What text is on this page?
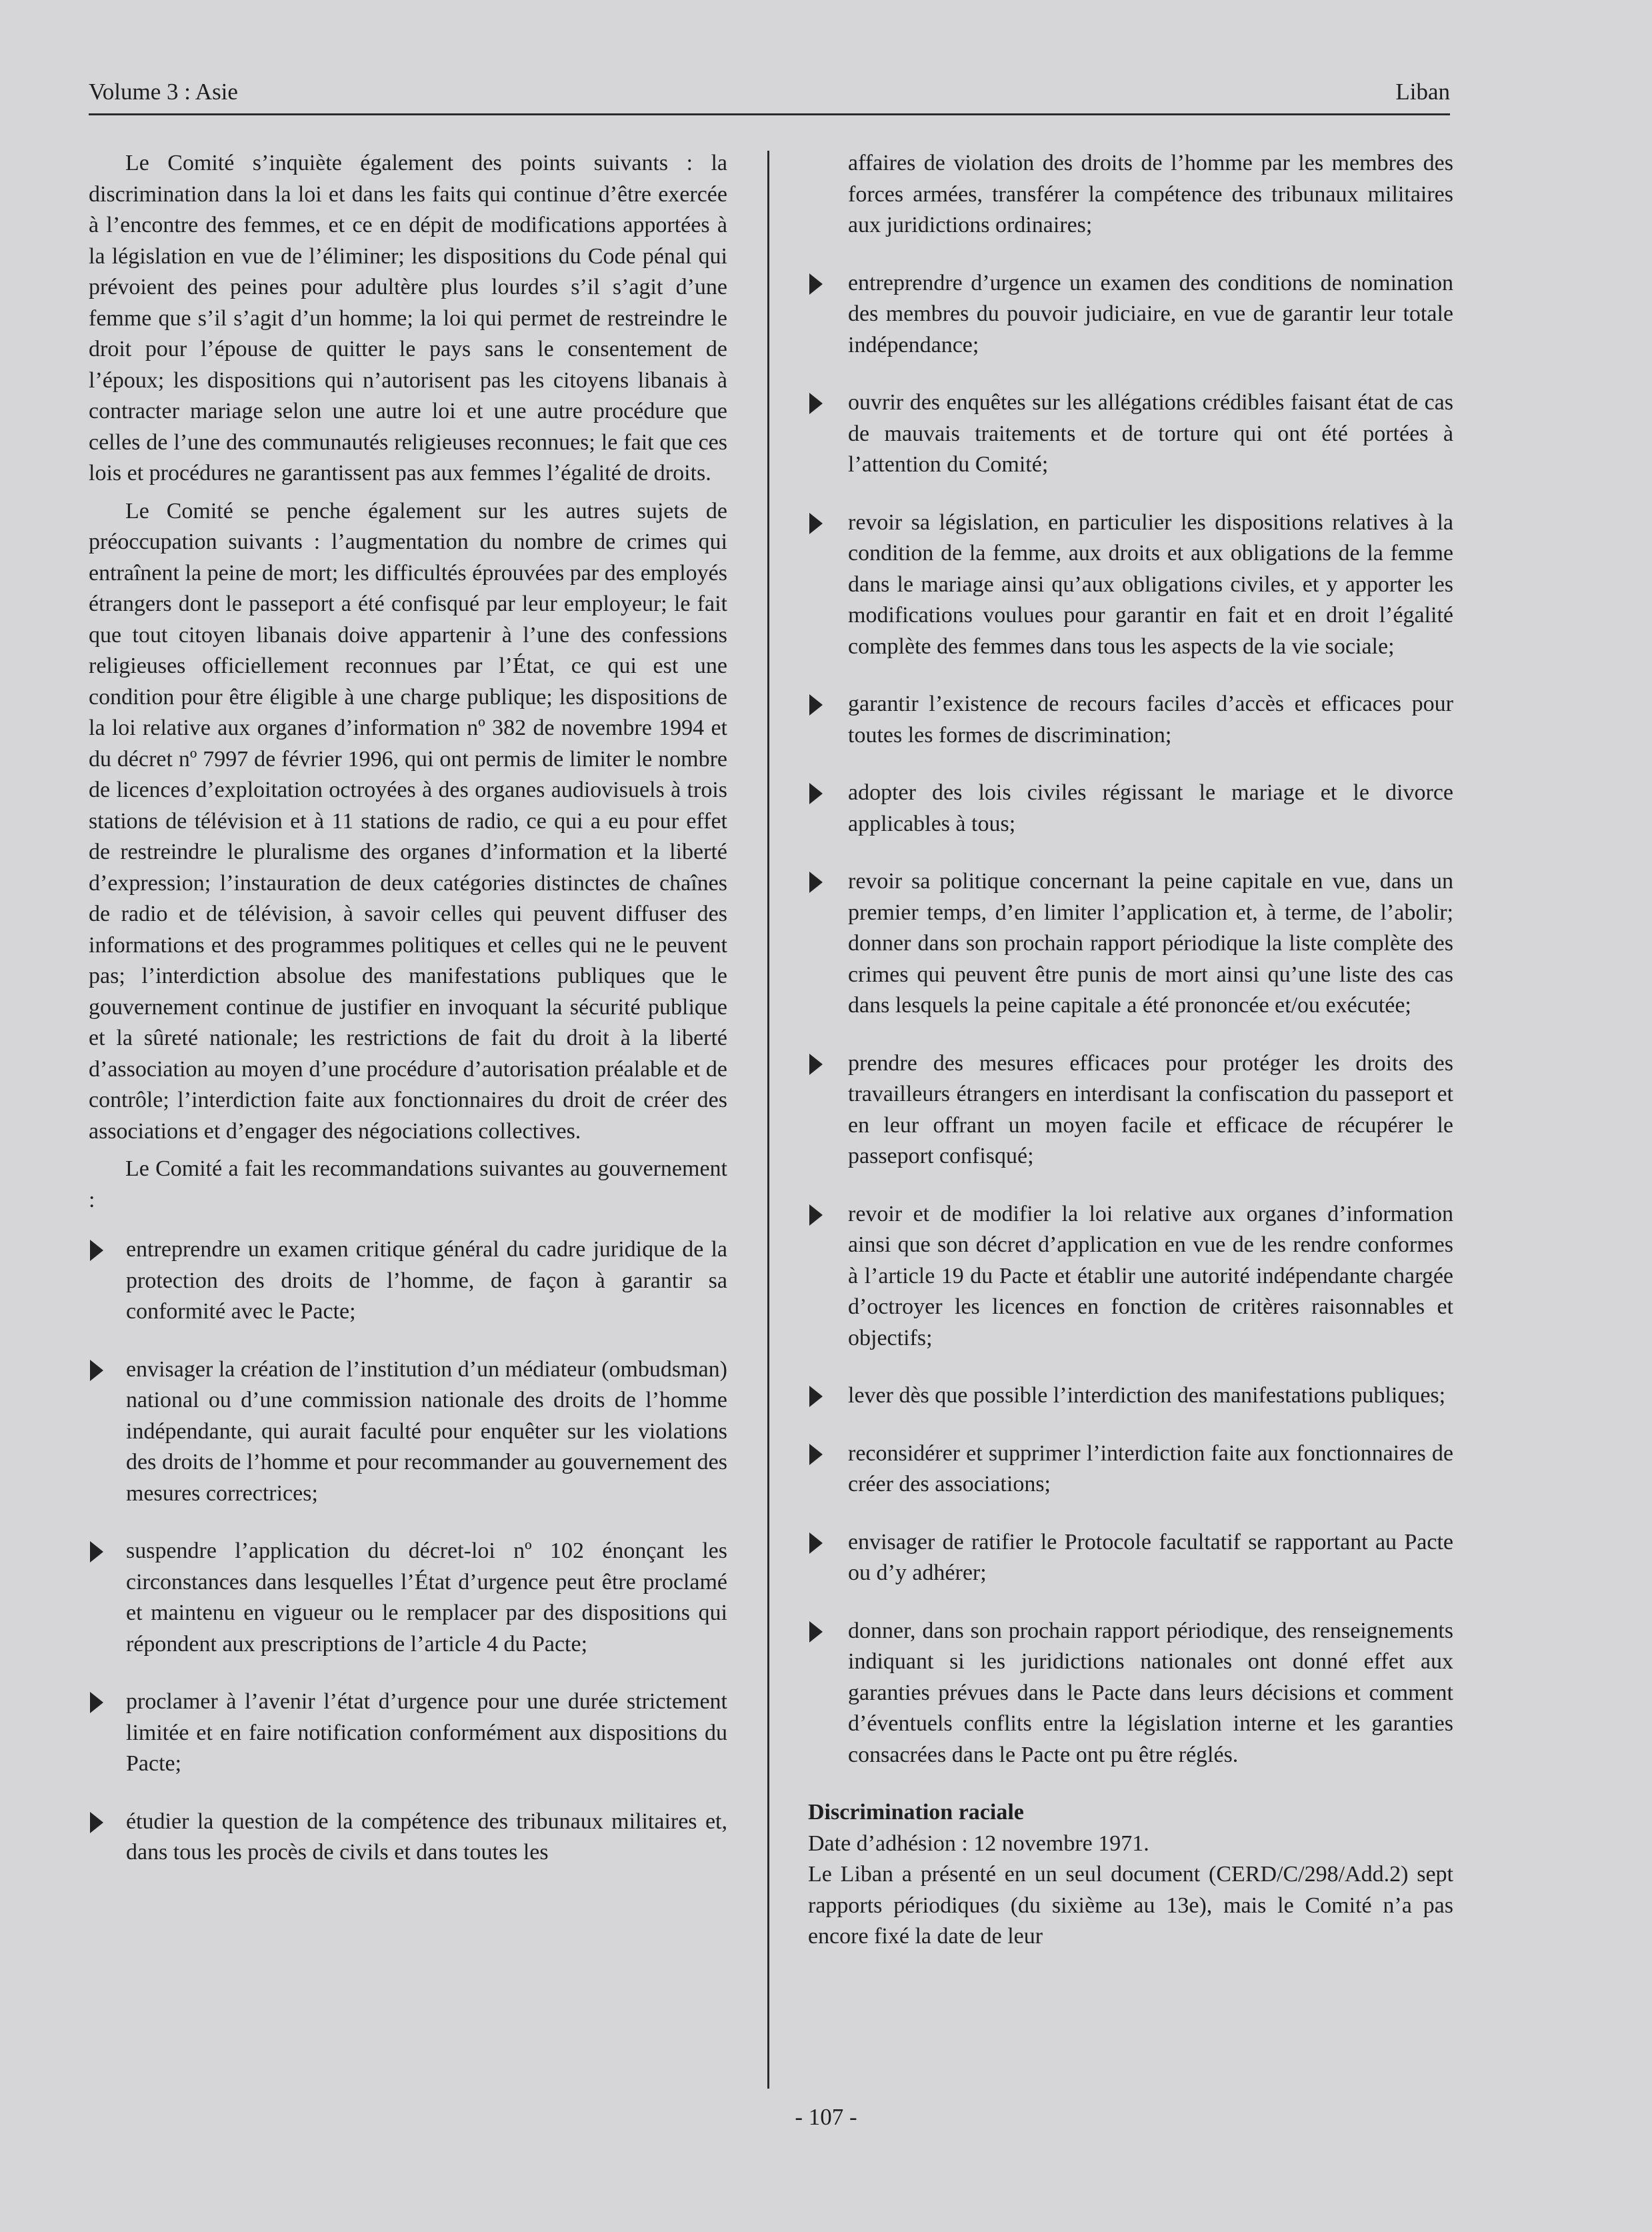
Volume 3 : Asie	Liban

Le Comité s’inquiète également des points suivants : la discrimination dans la loi et dans les faits qui continue d’être exercée à l’encontre des femmes, et ce en dépit de modifications apportées à la législation en vue de l’éliminer; les dispositions du Code pénal qui prévoient des peines pour adultère plus lourdes s’il s’agit d’une femme que s’il s’agit d’un homme; la loi qui permet de restreindre le droit pour l’épouse de quitter le pays sans le consentement de l’époux; les dispositions qui n’autorisent pas les citoyens libanais à contracter mariage selon une autre loi et une autre procédure que celles de l’une des communautés religieuses reconnues; le fait que ces lois et procédures ne garantissent pas aux femmes l’égalité de droits.

Le Comité se penche également sur les autres sujets de préoccupation suivants : l’augmentation du nombre de crimes qui entraînent la peine de mort; les difficultés éprouvées par des employés étrangers dont le passeport a été confisqué par leur employeur; le fait que tout citoyen libanais doive appartenir à l’une des confessions religieuses officiellement reconnues par l’État, ce qui est une condition pour être éligible à une charge publique; les dispositions de la loi relative aux organes d’information nº 382 de novembre 1994 et du décret nº 7997 de février 1996, qui ont permis de limiter le nombre de licences d’exploitation octroyées à des organes audiovisuels à trois stations de télévision et à 11 stations de radio, ce qui a eu pour effet de restreindre le pluralisme des organes d’information et la liberté d’expression; l’instauration de deux catégories distinctes de chaînes de radio et de télévision, à savoir celles qui peuvent diffuser des informations et des programmes politiques et celles qui ne le peuvent pas; l’interdiction absolue des manifestations publiques que le gouvernement continue de justifier en invoquant la sécurité publique et la sûreté nationale; les restrictions de fait du droit à la liberté d’association au moyen d’une procédure d’autorisation préalable et de contrôle; l’interdiction faite aux fonctionnaires du droit de créer des associations et d’engager des négociations collectives.

Le Comité a fait les recommandations suivantes au gouvernement :

entreprendre un examen critique général du cadre juridique de la protection des droits de l’homme, de façon à garantir sa conformité avec le Pacte;
envisager la création de l’institution d’un médiateur (ombudsman) national ou d’une commission nationale des droits de l’homme indépendante, qui aurait faculté pour enquêter sur les violations des droits de l’homme et pour recommander au gouvernement des mesures correctrices;
suspendre l’application du décret-loi nº 102 énonçant les circonstances dans lesquelles l’État d’urgence peut être proclamé et maintenu en vigueur ou le remplacer par des dispositions qui répondent aux prescriptions de l’article 4 du Pacte;
proclamer à l’avenir l’état d’urgence pour une durée strictement limitée et en faire notification conformément aux dispositions du Pacte;
étudier la question de la compétence des tribunaux militaires et, dans tous les procès de civils et dans toutes les

affaires de violation des droits de l’homme par les membres des forces armées, transférer la compétence des tribunaux militaires aux juridictions ordinaires;

entreprendre d’urgence un examen des conditions de nomination des membres du pouvoir judiciaire, en vue de garantir leur totale indépendance;
ouvrir des enquêtes sur les allégations crédibles faisant état de cas de mauvais traitements et de torture qui ont été portées à l’attention du Comité;
revoir sa législation, en particulier les dispositions relatives à la condition de la femme, aux droits et aux obligations de la femme dans le mariage ainsi qu’aux obligations civiles, et y apporter les modifications voulues pour garantir en fait et en droit l’égalité complète des femmes dans tous les aspects de la vie sociale;
garantir l’existence de recours faciles d’accès et efficaces pour toutes les formes de discrimination;
adopter des lois civiles régissant le mariage et le divorce applicables à tous;
revoir sa politique concernant la peine capitale en vue, dans un premier temps, d’en limiter l’application et, à terme, de l’abolir; donner dans son prochain rapport périodique la liste complète des crimes qui peuvent être punis de mort ainsi qu’une liste des cas dans lesquels la peine capitale a été prononcée et/ou exécutée;
prendre des mesures efficaces pour protéger les droits des travailleurs étrangers en interdisant la confiscation du passeport et en leur offrant un moyen facile et efficace de récupérer le passeport confisqué;
revoir et de modifier la loi relative aux organes d’information ainsi que son décret d’application en vue de les rendre conformes à l’article 19 du Pacte et établir une autorité indépendante chargée d’octroyer les licences en fonction de critères raisonnables et objectifs;
lever dès que possible l’interdiction des manifestations publiques;
reconsidérer et supprimer l’interdiction faite aux fonctionnaires de créer des associations;
envisager de ratifier le Protocole facultatif se rapportant au Pacte ou d’y adhérer;
donner, dans son prochain rapport périodique, des renseignements indiquant si les juridictions nationales ont donné effet aux garanties prévues dans le Pacte dans leurs décisions et comment d’éventuels conflits entre la législation interne et les garanties consacrées dans le Pacte ont pu être réglés.

Discrimination raciale

Date d’adhésion : 12 novembre 1971.

Le Liban a présenté en un seul document (CERD/C/298/Add.2) sept rapports périodiques (du sixième au 13e), mais le Comité n’a pas encore fixé la date de leur

- 107 -
